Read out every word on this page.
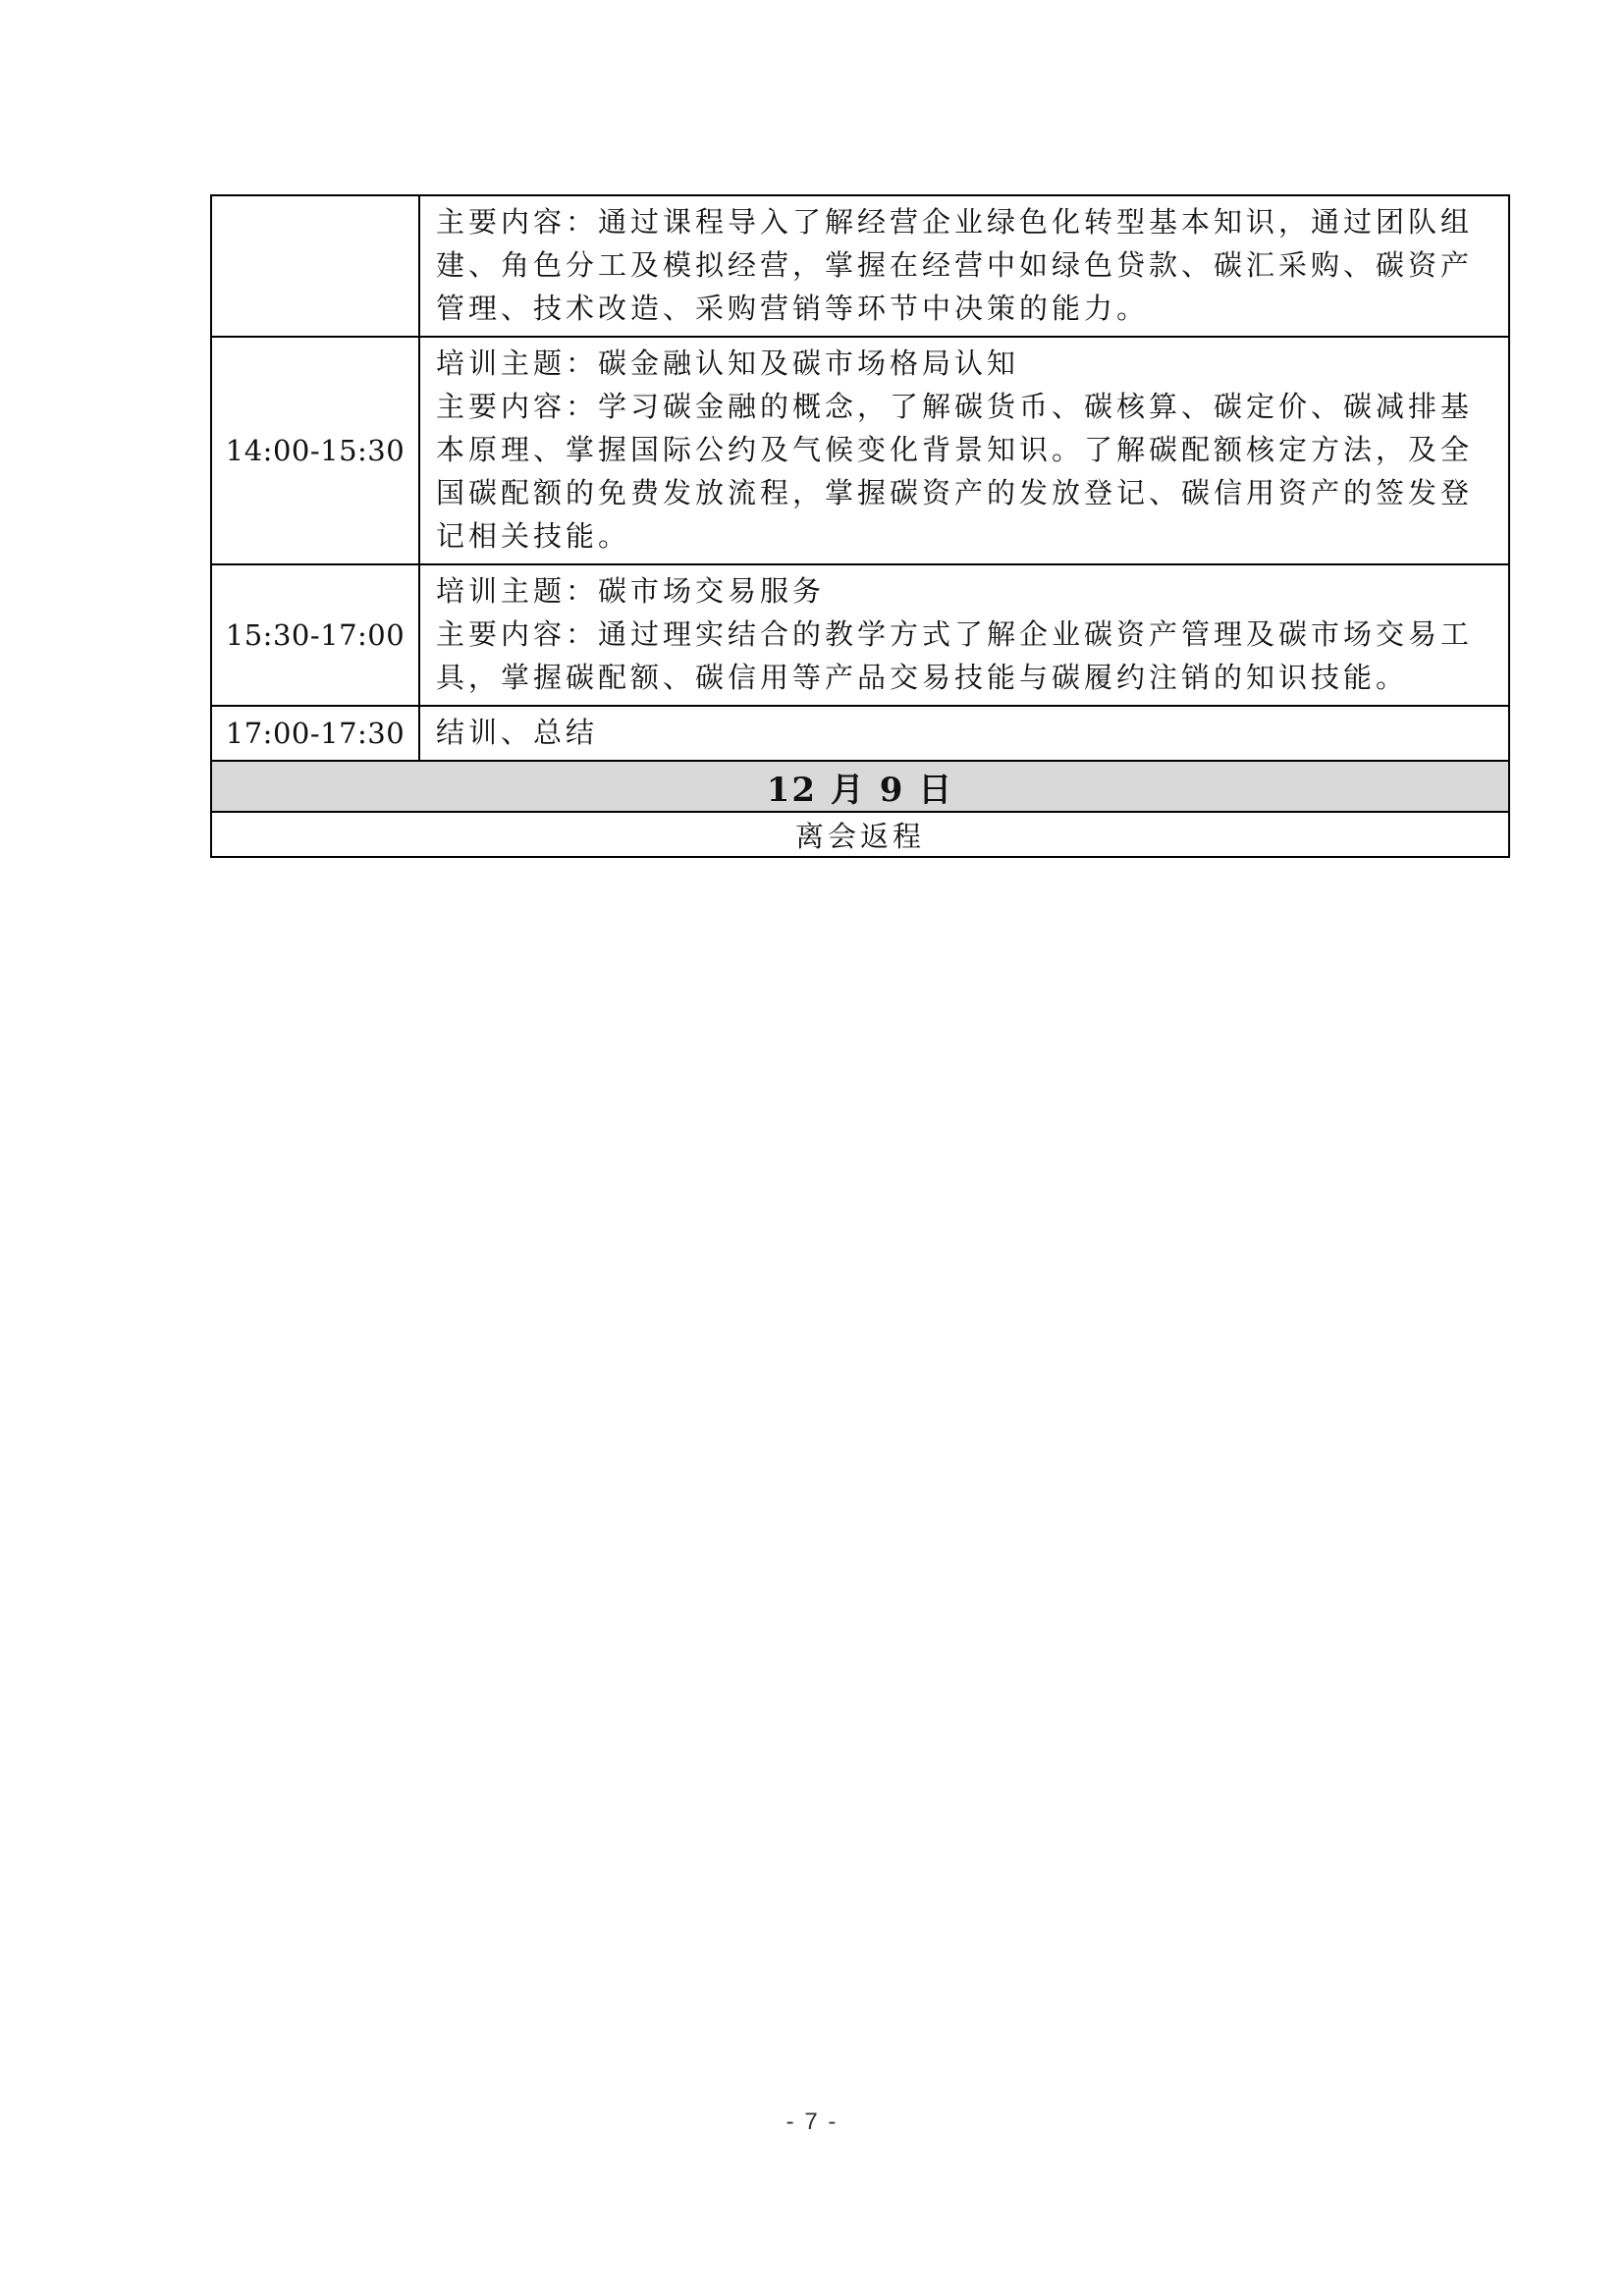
	主要内容：通过课程导入了解经营企业绿色化转型基本知识，通过团队组
建、角色分工及模拟经营，掌握在经营中如绿色贷款、碳汇采购、碳资产
管理、技术改造、采购营销等环节中决策的能力。

14:00-15:30	培训主题：碳金融认知及碳市场格局认知
主要内容：学习碳金融的概念，了解碳货币、碳核算、碳定价、碳减排基
本原理、掌握国际公约及气候变化背景知识。了解碳配额核定方法，及全
国碳配额的免费发放流程，掌握碳资产的发放登记、碳信用资产的签发登
记相关技能。

15:30-17:00	培训主题：碳市场交易服务
主要内容：通过理实结合的教学方式了解企业碳资产管理及碳市场交易工
具，掌握碳配额、碳信用等产品交易技能与碳履约注销的知识技能。

17:00-17:30	结训、总结

12 月 9 日	
离会返程	
- 7 -
